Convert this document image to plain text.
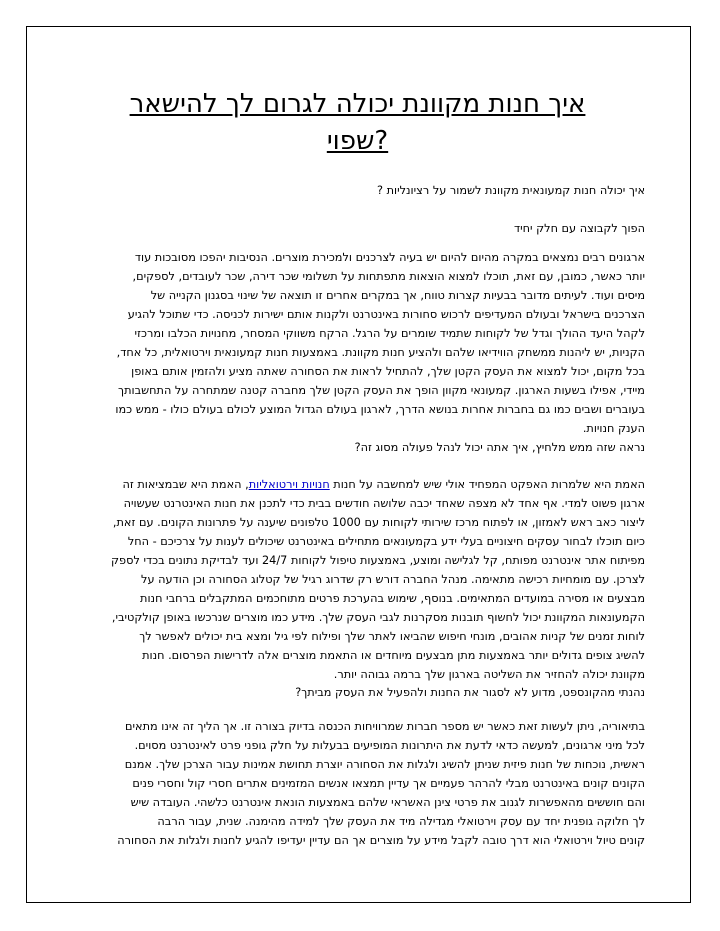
איך חנות מקוונת יכולה לגרום לך להישאר
?שפוי
איך יכולה חנות קמעונאית מקוונת לשמור על רציונליות ?
הפוך לקבוצה עם חלק יחיד
ארגונים רבים נמצאים במקרה מהיום להיום יש בעיה לצרכנים ולמכירת מוצרים. הנסיבות יהפכו מסובכות עוד
יותר כאשר, כמובן, עם זאת, תוכלו למצוא הוצאות מתפתחות על תשלומי שכר דירה, שכר לעובדים, לספקים,
מיסים ועוד. לעיתים מדובר בבעיות קצרות טווח, אך במקרים אחרים זו תוצאה של שינוי בסגנון הקנייה של
הצרכנים בישראל ובעולם המעדיפים לרכוש סחורות באינטרנט ולקנות אותם ישירות לכניסה. כדי שתוכל להגיע
לקהל היעד ההולך וגדל של לקוחות שתמיד שומרים על הרגל. הרקח משווקי המסחר, מחנויות הכלבו ומרכזי
הקניות, יש ליהנות ממשחק הווידיאו שלהם ולהציע חנות מקוונת. באמצעות חנות קמעונאית וירטואלית, כל אחד,
בכל מקום, יכול למצוא את העסק הקטן שלך, להתחיל לראות את הסחורה שאתה מציע ולהזמין אותם באופן
מיידי, אפילו בשעות הארגון. קמעונאי מקוון הופך את העסק הקטן שלך מחברה קטנה שמתחרה על התחשבותך
בעוברים ושבים כמו גם בחברות אחרות בנושא הדרך, לארגון בעולם הגדול המוצע לכולם בעולם כולו - ממש כמו
הענק חנויות.
נראה שזה ממש מלחיץ, איך אתה יכול לנהל פעולה מסוג זה?
האמת היא שלמרות האפקט המפחיד אולי שיש למחשבה על חנות חנויות וירטואליות, האמת היא שבמציאות זה
ארגון פשוט למדי. אף אחד לא מצפה שאחד יכבה שלושה חודשים בבית כדי לתכנן את חנות האינטרנט שעשויה
ליצור כאב ראש לאמזון, או לפתוח מרכז שירותי לקוחות עם 1000 טלפונים שיענה על פתרונות הקונים. עם זאת,
כיום תוכלו לבחור עסקים חיצוניים בעלי ידע בקמעונאים מתחילים באינטרנט שיכולים לענות על צרכיכם - החל
מפיתוח אתר אינטרנט מפותח, קל לגלישה ומוצע, באמצעות טיפול לקוחות 24/7 ועד לבדיקת נתונים בכדי לספק
לצרכן. עם מומחיות רכישה מתאימה. מנהל החברה דורש רק שדרוג רגיל של קטלוג הסחורה וכן הודעה על
מבצעים או מסירה במועדים המתאימים. בנוסף, שימוש בהערכת פרטים מתוחכמים המתקבלים ברחבי חנות
הקמעונאות המקוונת יכול לחשוף תובנות מסקרנות לגבי העסק שלך. מידע כמו מוצרים שנרכשו באופן קולקטיבי,
לוחות זמנים של קניות אהובים, מונחי חיפוש שהביאו לאתר שלך ופילוח לפי גיל ומצא בית יכולים לאפשר לך
להשיג צופים גדולים יותר באמצעות מתן מבצעים מיוחדים או התאמת מוצרים אלה לדרישות הפרסום. חנות
מקוונת יכולה להחזיר את השליטה בארגון שלך ברמה גבוהה יותר.
נהנתי מהקונספט, מדוע לא לסגור את החנות ולהפעיל את העסק מביתך?
בתיאוריה, ניתן לעשות זאת כאשר יש מספר חברות שמרוויחות הכנסה בדיוק בצורה זו. אך הליך זה אינו מתאים
לכל מיני ארגונים, למעשה כדאי לדעת את היתרונות המופיעים בבעלות על חלק גופני פרט לאינטרנט מסוים.
ראשית, נוכחות של חנות פיזית שניתן להשיג ולגלות את הסחורה יוצרת תחושת אמינות עבור הצרכן שלך. אמנם
הקונים קונים באינטרנט מבלי להרהר פעמיים אך עדיין תמצאו אנשים המזמינים אתרים חסרי קול וחסרי פנים
והם חוששים מהאפשרות לגנוב את פרטי צינן האשראי שלהם באמצעות הונאת אינטרנט כלשהי. העובדה שיש
לך חלוקה גופנית יחד עם עסק וירטואלי מגדילה מיד את העסק שלך למידה מהימנה. שנית, עבור הרבה
קונים טיול וירטואלי הוא דרך טובה לקבל מידע על מוצרים אך הם עדיין יעדיפו להגיע לחנות ולגלות את הסחורה
